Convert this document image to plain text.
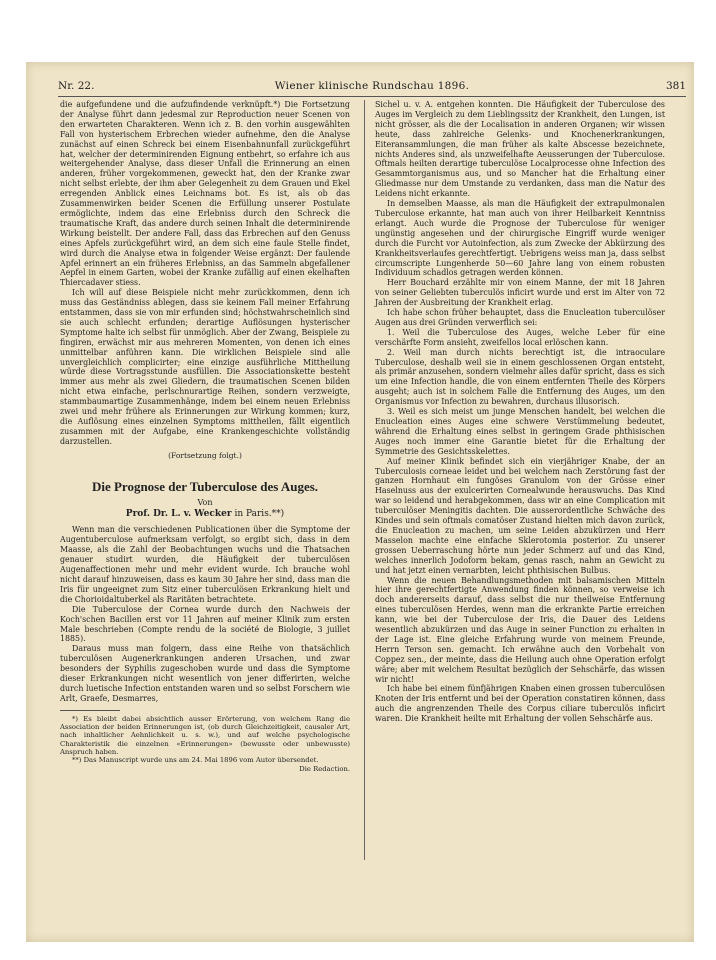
Nr. 22.	Wiener klinische Rundschau 1896.	381

die aufgefundene und die aufzufindende verknüpft.*) Die Fortsetzung der Analyse führt dann jedesmal zur Reproduction neuer Scenen von den erwarteten Charakteren. Wenn ich z. B. den vorhin ausgewählten Fall von hysterischem Erbrechen wieder aufnehme, den die Analyse zunächst auf einen Schreck bei einem Eisenbahnunfall zurückgeführt hat, welcher der determinirenden Eignung entbehrt, so erfahre ich aus weitergehender Analyse, dass dieser Unfall die Erinnerung an einen anderen, früher vorgekommenen, geweckt hat, den der Kranke zwar nicht selbst erlebte, der ihm aber Gelegenheit zu dem Grauen und Ekel erregenden Anblick eines Leichnams bot. Es ist, als ob das Zusammenwirken beider Scenen die Erfüllung unserer Postulate ermöglichte, indem das eine Erlebniss durch den Schreck die traumatische Kraft, das andere durch seinen Inhalt die determinirende Wirkung beistellt. Der andere Fall, dass das Erbrechen auf den Genuss eines Apfels zurückgeführt wird, an dem sich eine faule Stelle findet, wird durch die Analyse etwa in folgender Weise ergänzt: Der faulende Apfel erinnert an ein früheres Erlebniss, an das Sammeln abgefallener Aepfel in einem Garten, wobei der Kranke zufällig auf einen ekelhaften Thiercadaver stiess.

Ich will auf diese Beispiele nicht mehr zurückkommen, denn ich muss das Geständniss ablegen, dass sie keinem Fall meiner Erfahrung entstammen, dass sie von mir erfunden sind; höchstwahrscheinlich sind sie auch schlecht erfunden; derartige Auflösungen hysterischer Symptome halte ich selbst für unmöglich. Aber der Zwang, Beispiele zu fingiren, erwächst mir aus mehreren Momenten, von denen ich eines unmittelbar anführen kann. Die wirklichen Beispiele sind alle unvergleichlich complicirter; eine einzige ausführliche Mittheilung würde diese Vortragsstunde ausfüllen. Die Associationskette besteht immer aus mehr als zwei Gliedern, die traumatischen Scenen bilden nicht etwa einfache, perlschnurartige Reihen, sondern verzweigte, stammbaumartige Zusammenhänge, indem bei einem neuen Erlebniss zwei und mehr frühere als Erinnerungen zur Wirkung kommen; kurz, die Auflösung eines einzelnen Symptoms mittheilen, fällt eigentlich zusammen mit der Aufgabe, eine Krankengeschichte vollständig darzustellen.

(Fortsetzung folgt.)
Die Prognose der Tuberculose des Auges.
Von
Prof. Dr. L. v. Wecker in Paris.**)

Wenn man die verschiedenen Publicationen über die Symptome der Augentuberculose aufmerksam verfolgt, so ergibt sich, dass in dem Maasse, als die Zahl der Beobachtungen wuchs und die Thatsachen genauer studirt wurden, die Häufigkeit der tuberculösen Augenaffectionen mehr und mehr evident wurde. Ich brauche wohl nicht darauf hinzuweisen, dass es kaum 30 Jahre her sind, dass man die Iris für ungeeignet zum Sitz einer tuberculösen Erkrankung hielt und die Chorioidaltuberkel als Raritäten betrachtete.

Die Tuberculose der Cornea wurde durch den Nachweis der Koch'schen Bacillen erst vor 11 Jahren auf meiner Klinik zum ersten Male beschrieben (Compte rendu de la société de Biologie, 3 juillet 1885).

Daraus muss man folgern, dass eine Reihe von thatsächlich tuberculösen Augenerkrankungen anderen Ursachen, und zwar besonders der Syphilis zugeschoben wurde und dass die Symptome dieser Erkrankungen nicht wesentlich von jener differirten, welche durch luetische Infection entstanden waren und so selbst Forschern wie Arlt, Graefe, Desmarres,

*) Es bleibt dabei absichtlich ausser Erörterung, von welchem Rang die Association der beiden Erinnerungen ist, (ob durch Gleichzeitigkeit, causaler Art, nach inhaltlicher Aehnlichkeit u. s. w.), und auf welche psychologische Charakteristik die einzelnen «Erinnerungen» (bewusste oder unbewusste) Anspruch haben.

**) Das Manuscript wurde uns am 24. Mai 1896 vom Autor übersendet.

Die Redaction.

Sichel u. v. A. entgehen konnten. Die Häufigkeit der Tuberculose des Auges im Vergleich zu dem Lieblingssitz der Krankheit, den Lungen, ist nicht grösser, als die der Localisation in anderen Organen; wir wissen heute, dass zahlreiche Gelenks- und Knochenerkrankungen, Eiteransammlungen, die man früher als kalte Abscesse bezeichnete, nichts Anderes sind, als unzweifelhafte Aeusserungen der Tuberculose. Oftmals heilten derartige tuberculöse Localprocesse ohne Infection des Gesammtorganismus aus, und so Mancher hat die Erhaltung einer Gliedmasse nur dem Umstande zu verdanken, dass man die Natur des Leidens nicht erkannte.

In demselben Maasse, als man die Häufigkeit der extrapulmonalen Tuberculose erkannte, hat man auch von ihrer Heilbarkeit Kenntniss erlangt. Auch wurde die Prognose der Tuberculose für weniger ungünstig angesehen und der chirurgische Eingriff wurde weniger durch die Furcht vor Autoinfection, als zum Zwecke der Abkürzung des Krankheitsverlaufes gerechtfertigt. Uebrigens weiss man ja, dass selbst circumscripte Lungenherde 50—60 Jahre lang von einem robusten Individuum schadlos getragen werden können.

Herr Bouchard erzählte mir von einem Manne, der mit 18 Jahren von seiner Geliebten tuberculös inficirt wurde und erst im Alter von 72 Jahren der Ausbreitung der Krankheit erlag.

Ich habe schon früher behauptet, dass die Enucleation tuberculöser Augen aus drei Gründen verwerflich sei:

1. Weil die Tuberculose des Auges, welche Leber für eine verschärfte Form ansieht, zweifellos local erlöschen kann.

2. Weil man durch nichts berechtigt ist, die intraoculare Tuberculose, deshalb weil sie in einem geschlossenen Organ entsteht, als primär anzusehen, sondern vielmehr alles dafür spricht, dass es sich um eine Infection handle, die von einem entfernten Theile des Körpers ausgeht; auch ist in solchem Falle die Entfernung des Auges, um den Organismus vor Infection zu bewahren, durchaus illusorisch.

3. Weil es sich meist um junge Menschen handelt, bei welchen die Enucleation eines Auges eine schwere Verstümmelung bedeutet, während die Erhaltung eines selbst in geringem Grade phthisischen Auges noch immer eine Garantie bietet für die Erhaltung der Symmetrie des Gesichtsskelettes.

Auf meiner Klinik befindet sich ein vierjähriger Knabe, der an Tuberculosis corneae leidet und bei welchem nach Zerstörung fast der ganzen Hornhaut ein fungöses Granulom von der Grösse einer Haselnuss aus der exulcerirten Cornealwunde herauswuchs. Das Kind war so leidend und herabgekommen, dass wir an eine Complication mit tuberculöser Meningitis dachten. Die ausserordentliche Schwäche des Kindes und sein oftmals comatöser Zustand hielten mich davon zurück, die Enucleation zu machen, um seine Leiden abzukürzen und Herr Masselon machte eine einfache Sklerotomia posterior. Zu unserer grossen Ueberraschung hörte nun jeder Schmerz auf und das Kind, welches innerlich Jodoform bekam, genas rasch, nahm an Gewicht zu und hat jetzt einen vernarbten, leicht phthisischen Bulbus.

Wenn die neuen Behandlungsmethoden mit balsamischen Mitteln hier ihre gerechtfertigte Anwendung finden können, so verweise ich doch andererseits darauf, dass selbst die nur theilweise Entfernung eines tuberculösen Herdes, wenn man die erkrankte Partie erreichen kann, wie bei der Tuberculose der Iris, die Dauer des Leidens wesentlich abzukürzen und das Auge in seiner Function zu erhalten in der Lage ist. Eine gleiche Erfahrung wurde von meinem Freunde, Herrn Terson sen. gemacht. Ich erwähne auch den Vorbehalt von Coppez sen., der meinte, dass die Heilung auch ohne Operation erfolgt wäre; aber mit welchem Resultat bezüglich der Sehschärfe, das wissen wir nicht!

Ich habe bei einem fünfjährigen Knaben einen grossen tuberculösen Knoten der Iris entfernt und bei der Operation constatiren können, dass auch die angrenzenden Theile des Corpus ciliare tuberculös inficirt waren. Die Krankheit heilte mit Erhaltung der vollen Sehschärfe aus.
